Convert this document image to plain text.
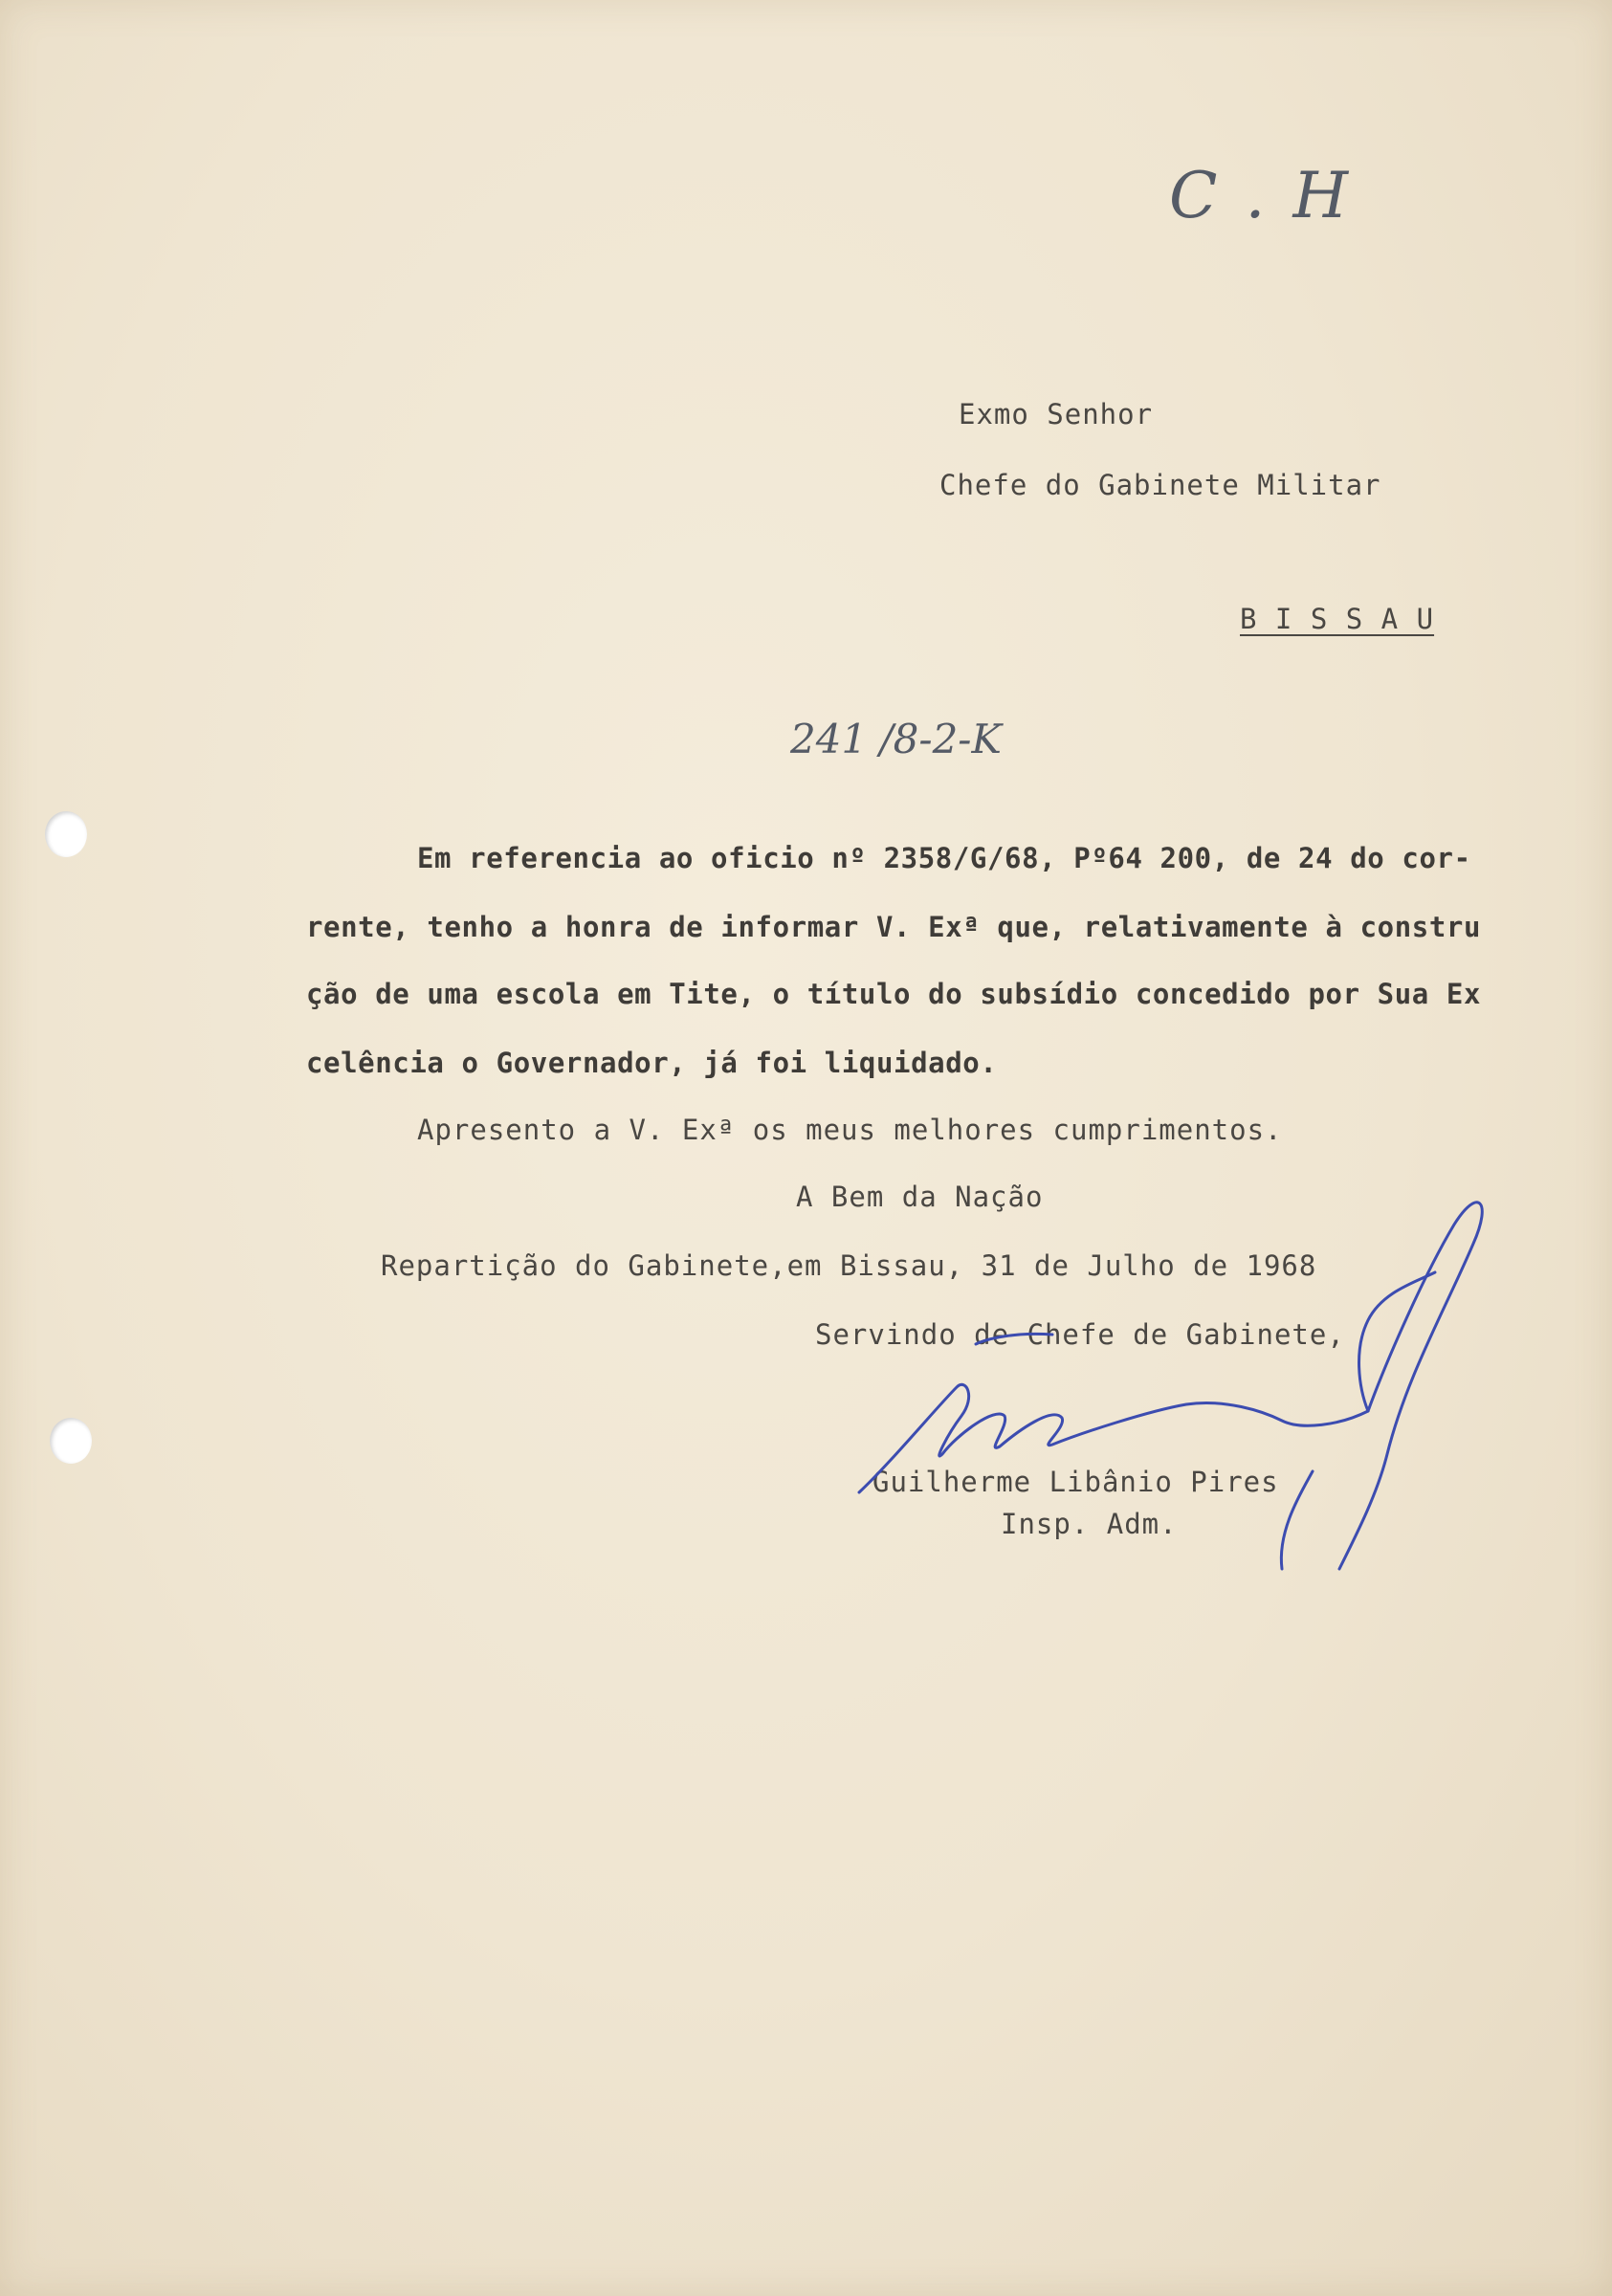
C . H
Exmo Senhor
Chefe do Gabinete Militar
B I S S A U
241 /8-2-K
Em referencia ao oficio nº 2358/G/68, Pº64 200, de 24 do cor-
rente, tenho a honra de informar V. Exª que, relativamente à constru
ção de uma escola em Tite, o título do subsídio concedido por Sua Ex
celência o Governador, já foi liquidado.
Apresento a V. Exª os meus melhores cumprimentos.
A Bem da Nação
Repartição do Gabinete,em Bissau, 31 de Julho de 1968
Servindo de Chefe de Gabinete,
Guilherme Libânio Pires
Insp. Adm.
